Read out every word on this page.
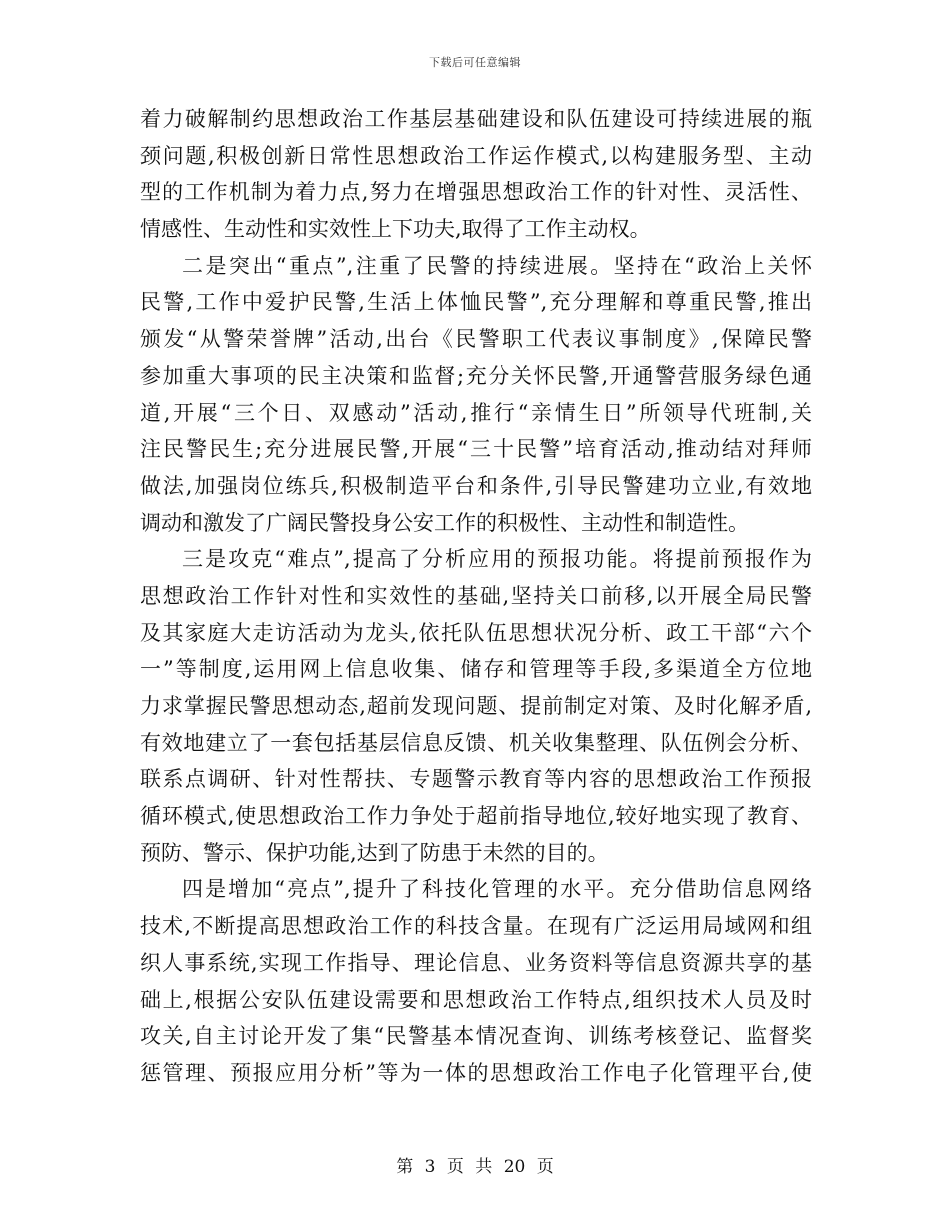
下载后可任意编辑
着力破解制约思想政治工作基层基础建设和队伍建设可持续进展的瓶
颈问题,积极创新日常性思想政治工作运作模式,以构建服务型、主动
型的工作机制为着力点,努力在增强思想政治工作的针对性、灵活性、
情感性、生动性和实效性上下功夫,取得了工作主动权。
二是突出“重点”,注重了民警的持续进展。坚持在“政治上关怀
民警,工作中爱护民警,生活上体恤民警”,充分理解和尊重民警,推出
颁发“从警荣誉牌”活动,出台《民警职工代表议事制度》,保障民警
参加重大事项的民主决策和监督;充分关怀民警,开通警营服务绿色通
道,开展“三个日、双感动”活动,推行“亲情生日”所领导代班制,关
注民警民生;充分进展民警,开展“三十民警”培育活动,推动结对拜师
做法,加强岗位练兵,积极制造平台和条件,引导民警建功立业,有效地
调动和激发了广阔民警投身公安工作的积极性、主动性和制造性。
三是攻克“难点”,提高了分析应用的预报功能。将提前预报作为
思想政治工作针对性和实效性的基础,坚持关口前移,以开展全局民警
及其家庭大走访活动为龙头,依托队伍思想状况分析、政工干部“六个
一”等制度,运用网上信息收集、储存和管理等手段,多渠道全方位地
力求掌握民警思想动态,超前发现问题、提前制定对策、及时化解矛盾,
有效地建立了一套包括基层信息反馈、机关收集整理、队伍例会分析、
联系点调研、针对性帮扶、专题警示教育等内容的思想政治工作预报
循环模式,使思想政治工作力争处于超前指导地位,较好地实现了教育、
预防、警示、保护功能,达到了防患于未然的目的。
四是增加“亮点”,提升了科技化管理的水平。充分借助信息网络
技术,不断提高思想政治工作的科技含量。在现有广泛运用局域网和组
织人事系统,实现工作指导、理论信息、业务资料等信息资源共享的基
础上,根据公安队伍建设需要和思想政治工作特点,组织技术人员及时
攻关,自主讨论开发了集“民警基本情况查询、训练考核登记、监督奖
惩管理、预报应用分析”等为一体的思想政治工作电子化管理平台,使
第 3 页 共 20 页
